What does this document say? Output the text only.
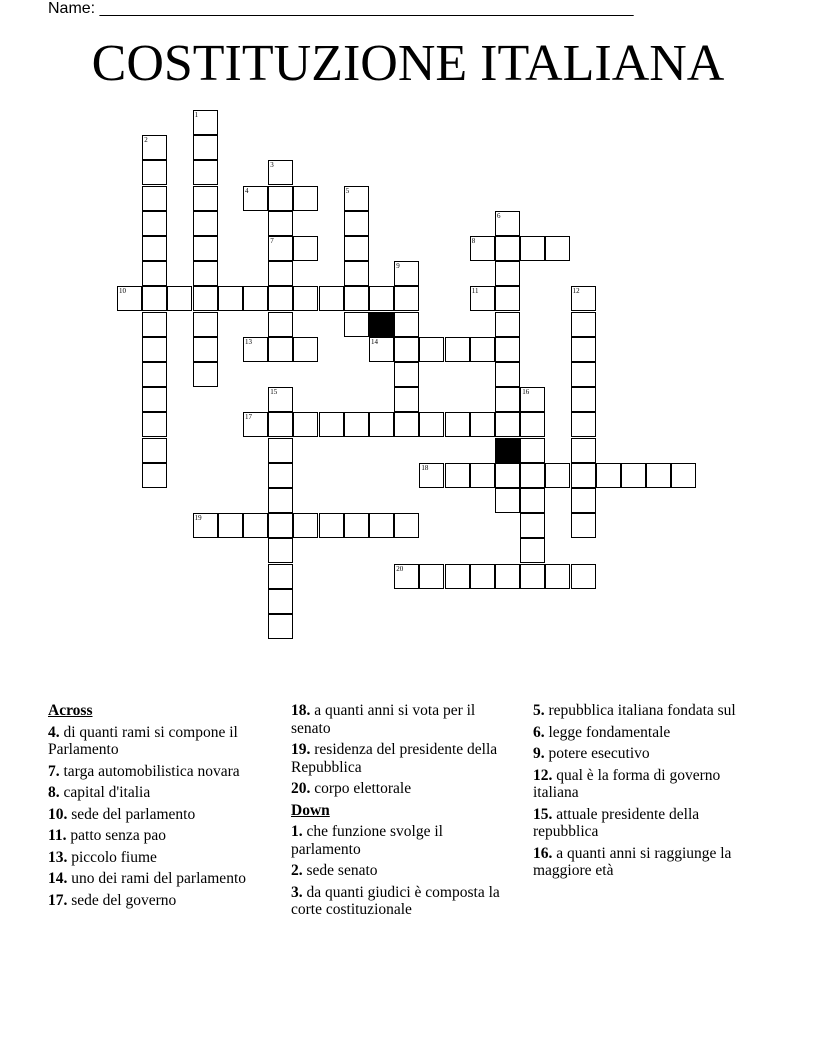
Name: ____________________________________________________________
COSTITUZIONE ITALIANA
1
2
3
4	5
6
7	8
9
10	11	12
13	14
15	16
17
18
19
20
Across
4. di quanti rami si compone il Parlamento
7. targa automobilistica novara
8. capital d'italia
10. sede del parlamento
11. patto senza pao
13. piccolo fiume
14. uno dei rami del parlamento
17. sede del governo
18. a quanti anni si vota per il senato
19. residenza del presidente della Repubblica
20. corpo elettorale
Down
1. che funzione svolge il parlamento
2. sede senato
3. da quanti giudici è composta la corte costituzionale
5. repubblica italiana fondata sul
6. legge fondamentale
9. potere esecutivo
12. qual è la forma di governo italiana
15. attuale presidente della repubblica
16. a quanti anni si raggiunge la maggiore età
